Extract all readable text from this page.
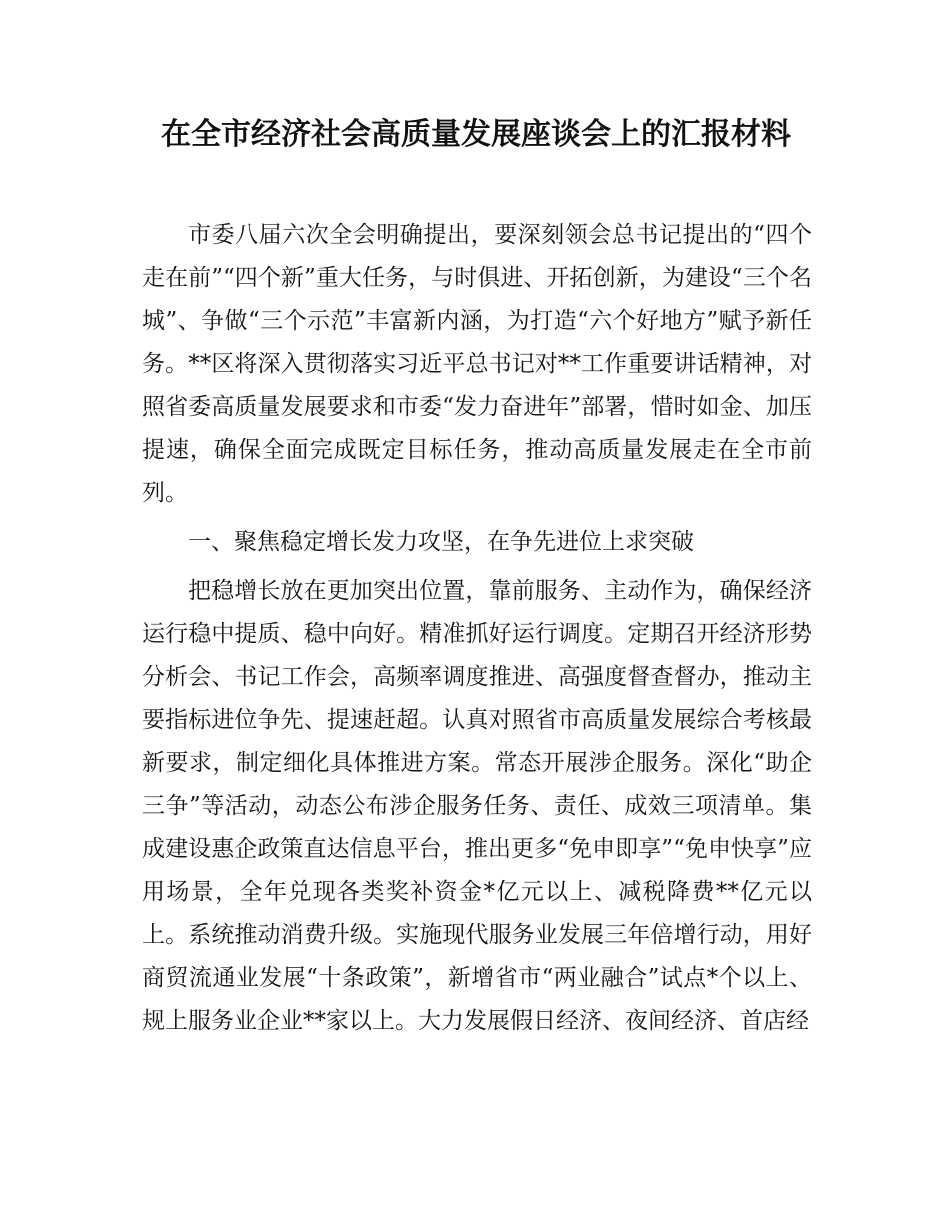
在全市经济社会高质量发展座谈会上的汇报材料

市委八届六次全会明确提出，要深刻领会总书记提出的“四个走在前”“四个新”重大任务，与时俱进、开拓创新，为建设“三个名城”、争做“三个示范”丰富新内涵，为打造“六个好地方”赋予新任务。**区将深入贯彻落实习近平总书记对**工作重要讲话精神，对照省委高质量发展要求和市委“发力奋进年”部署，惜时如金、加压提速，确保全面完成既定目标任务，推动高质量发展走在全市前列。

一、聚焦稳定增长发力攻坚，在争先进位上求突破

把稳增长放在更加突出位置，靠前服务、主动作为，确保经济运行稳中提质、稳中向好。精准抓好运行调度。定期召开经济形势分析会、书记工作会，高频率调度推进、高强度督查督办，推动主要指标进位争先、提速赶超。认真对照省市高质量发展综合考核最新要求，制定细化具体推进方案。常态开展涉企服务。深化“助企三争”等活动，动态公布涉企服务任务、责任、成效三项清单。集成建设惠企政策直达信息平台，推出更多“免申即享”“免申快享”应用场景，全年兑现各类奖补资金*亿元以上、减税降费**亿元以上。系统推动消费升级。实施现代服务业发展三年倍增行动，用好商贸流通业发展“十条政策”，新增省市“两业融合”试点*个以上、规上服务业企业**家以上。大力发展假日经济、夜间经济、首店经
